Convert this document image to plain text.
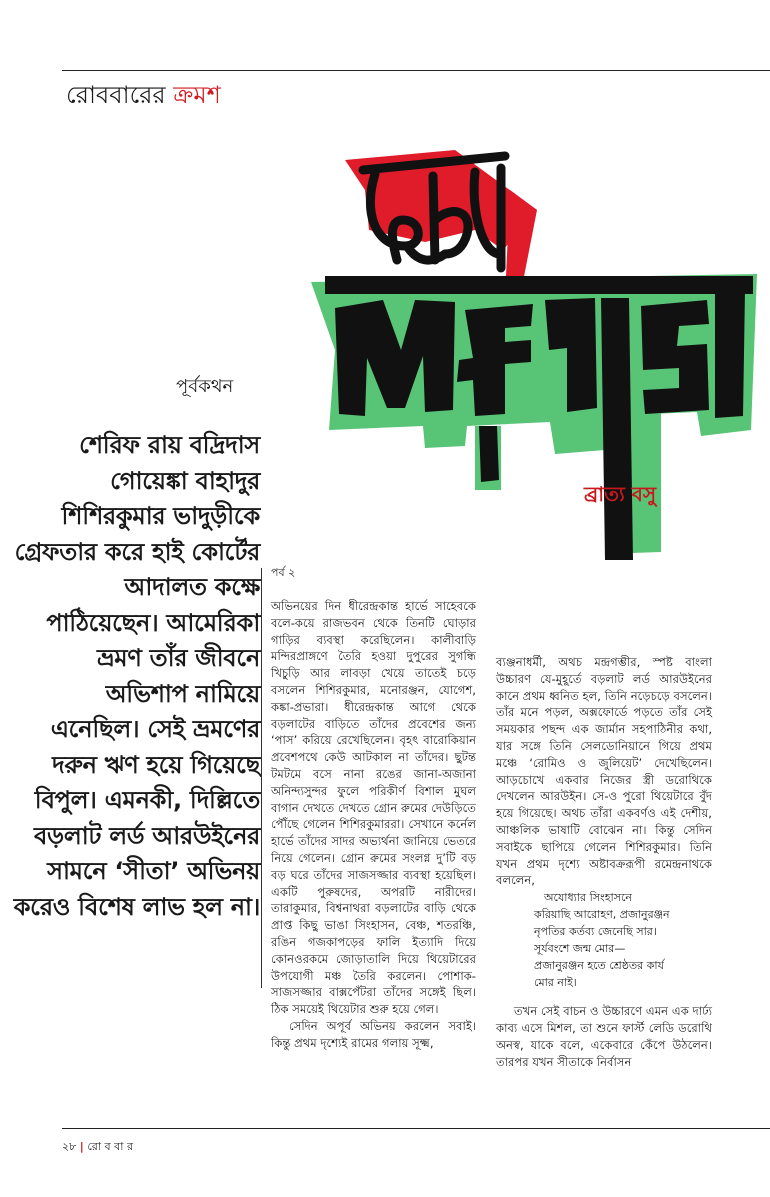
রোববারের ক্রমশ
ব্রাত্য বসু
পূর্বকথন
শেরিফ রায় বদ্রিদাস গোয়েঙ্কা বাহাদুর শিশিরকুমার ভাদুড়ীকে গ্রেফতার করে হাই কোর্টের আদালত কক্ষে পাঠিয়েছেন। আমেরিকা ভ্রমণ তাঁর জীবনে অভিশাপ নামিয়ে এনেছিল। সেই ভ্রমণের দরুন ঋণ হয়ে গিয়েছে বিপুল। এমনকী, দিল্লিতে বড়লাট লর্ড আরউইনের সামনে ‘সীতা’ অভিনয় করেও বিশেষ লাভ হল না।
পর্ব ২

অভিনয়ের দিন ধীরেন্দ্রকান্ত হার্ভে সাহেবকে বলে-কয়ে রাজভবন থেকে তিনটি ঘোড়ার গাড়ির ব্যবস্থা করেছিলেন। কালীবাড়ি মন্দিরপ্রাঙ্গণে তৈরি হওয়া দুপুরের সুগন্ধি খিচুড়ি আর লাবড়া খেয়ে তাতেই চড়ে বসলেন শিশিরকুমার, মনোরঞ্জন, যোগেশ, কঙ্কা-প্রভারা। ধীরেন্দ্রকান্ত আগে থেকে বড়লাটের বাড়িতে তাঁদের প্রবেশের জন্য ‘পাস’ করিয়ে রেখেছিলেন। বৃহৎ বারোকিয়ান প্রবেশপথে কেউ আটকাল না তাঁদের। ছুটন্ত টমটমে বসে নানা রঙের জানা-অজানা অনিন্দ্যসুন্দর ফুলে পরিকীর্ণ বিশাল মুঘল বাগান দেখতে দেখতে গ্রোন রুমের দেউড়িতে পৌঁছে গেলেন শিশিরকুমাররা। সেখানে কর্নেল হার্ভে তাঁদের সাদর অভ্যর্থনা জানিয়ে ভেতরে নিয়ে গেলেন। গ্রোন রুমের সংলগ্ন দু’টি বড় বড় ঘরে তাঁদের সাজসজ্জার ব্যবস্থা হয়েছিল। একটি পুরুষদের, অপরটি নারীদের। তারাকুমার, বিশ্বনাথরা বড়লাটের বাড়ি থেকে প্রাপ্ত কিছু ভাঙা সিংহাসন, বেঞ্চ, শতরঞ্চি, রঙিন গজকাপড়ের ফালি ইত্যাদি দিয়ে কোনওরকমে জোড়াতালি দিয়ে থিয়েটারের উপযোগী মঞ্চ তৈরি করলেন। পোশাক-সাজসজ্জার বাক্সপেঁটরা তাঁদের সঙ্গেই ছিল। ঠিক সময়েই থিয়েটার শুরু হয়ে গেল।

সেদিন অপূর্ব অভিনয় করলেন সবাই। কিন্তু প্রথম দৃশ্যেই রামের গলায় সূক্ষ্ম,

ব্যঞ্জনাধর্মী, অথচ মন্দ্রগম্ভীর, স্পষ্ট বাংলা উচ্চারণ যে-মুহূর্তে বড়লাট লর্ড আরউইনের কানে প্রথম ধ্বনিত হল, তিনি নড়েচড়ে বসলেন। তাঁর মনে পড়ল, অক্সফোর্ডে পড়তে তাঁর সেই সময়কার পছন্দ এক জার্মান সহপাঠিনীর কথা, যার সঙ্গে তিনি সেলডোনিয়ানে গিয়ে প্রথম মঞ্চে ‘রোমিও ও জুলিয়েট’ দেখেছিলেন। আড়চোখে একবার নিজের স্ত্রী ডরোথিকে দেখলেন আরউইন। সে-ও পুরো থিয়েটারে বুঁদ হয়ে গিয়েছে। অথচ তাঁরা একবর্ণও এই দেশীয়, আঞ্চলিক ভাষাটি বোঝেন না। কিন্তু সেদিন সবাইকে ছাপিয়ে গেলেন শিশিরকুমার। তিনি যখন প্রথম দৃশ্যে অষ্টাবক্ররূপী রমেন্দ্রনাথকে বললেন,

অযোধ্যার সিংহাসনে
করিয়াছি আরোহণ, প্রজানুরঞ্জন
নৃপতির কর্তব্য জেনেছি সার।
সূর্যবংশে জন্ম মোর—
প্রজানুরঞ্জন হতে শ্রেষ্ঠতর কার্য
মোর নাই।

তখন সেই বাচন ও উচ্চারণে এমন এক দার্ঢ্য কাব্য এসে মিশল, তা শুনে ফার্স্ট লেডি ডরোথি অনস্ব, যাকে বলে, একেবারে কেঁপে উঠলেন। তারপর যখন সীতাকে নির্বাসন

২৮ | রো ব বা র
